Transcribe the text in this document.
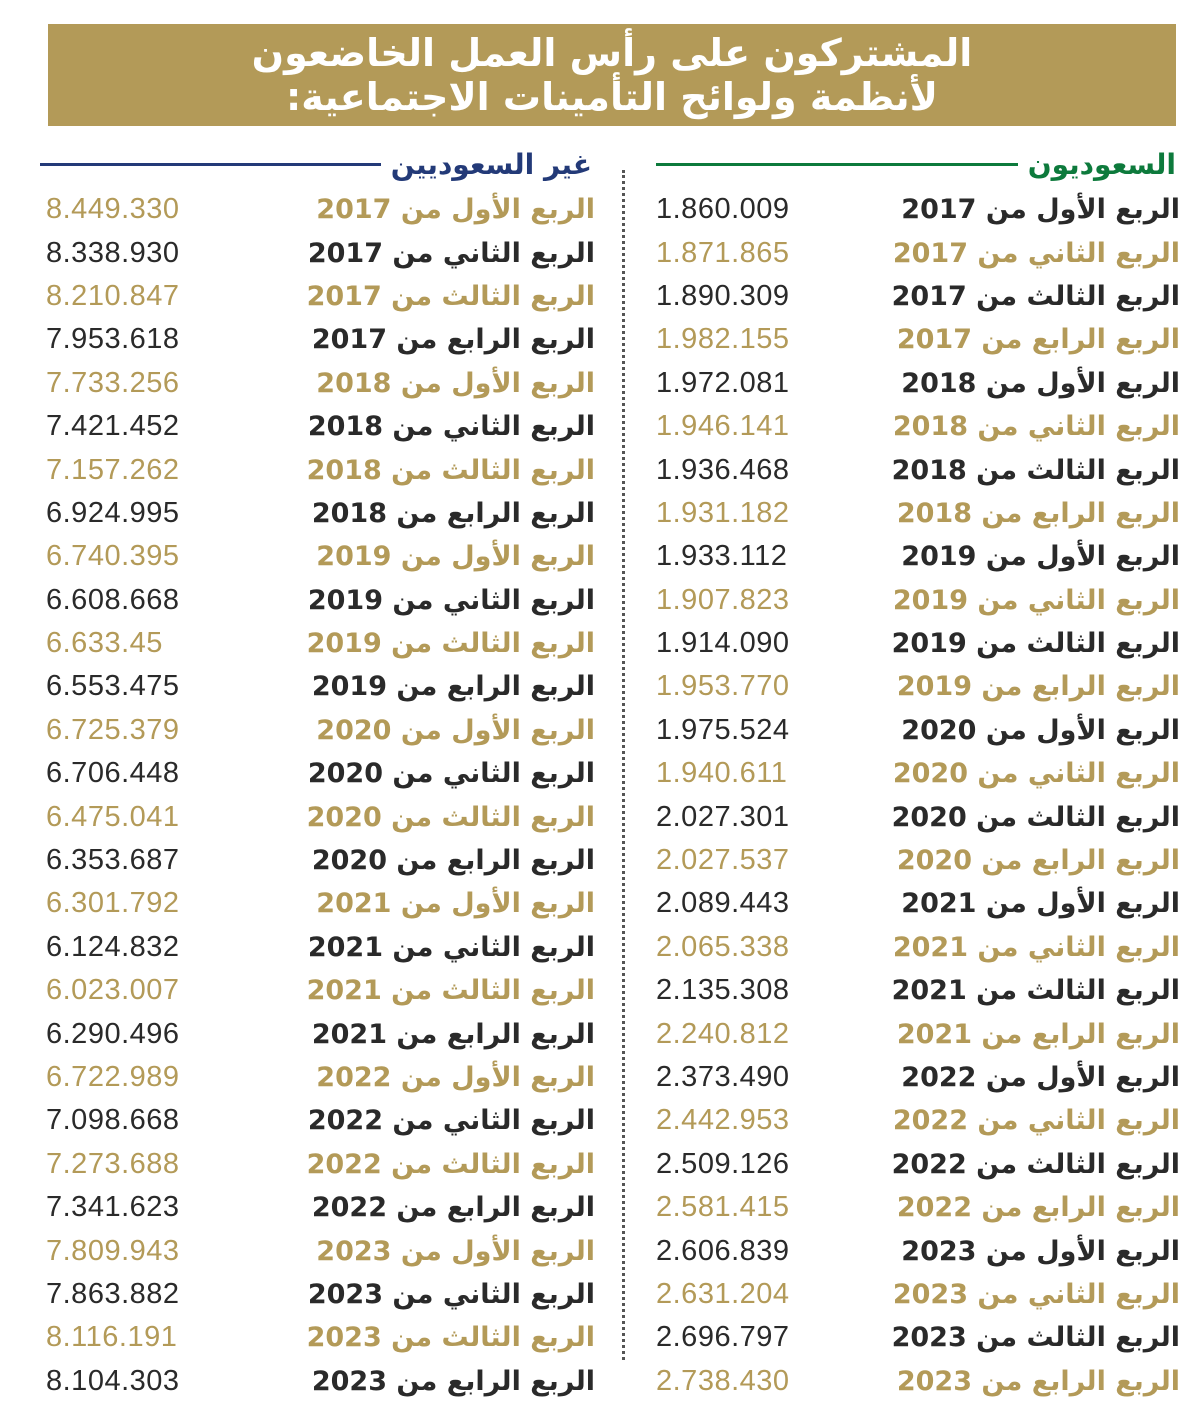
المشتركون على رأس العمل الخاضعون
لأنظمة ولوائح التأمينات الاجتماعية:
السعوديون
غير السعوديين
الربع الأول من 2017
1.860.009
الربع الثاني من 2017
1.871.865
الربع الثالث من 2017
1.890.309
الربع الرابع من 2017
1.982.155
الربع الأول من 2018
1.972.081
الربع الثاني من 2018
1.946.141
الربع الثالث من 2018
1.936.468
الربع الرابع من 2018
1.931.182
الربع الأول من 2019
1.933.112
الربع الثاني من 2019
1.907.823
الربع الثالث من 2019
1.914.090
الربع الرابع من 2019
1.953.770
الربع الأول من 2020
1.975.524
الربع الثاني من 2020
1.940.611
الربع الثالث من 2020
2.027.301
الربع الرابع من 2020
2.027.537
الربع الأول من 2021
2.089.443
الربع الثاني من 2021
2.065.338
الربع الثالث من 2021
2.135.308
الربع الرابع من 2021
2.240.812
الربع الأول من 2022
2.373.490
الربع الثاني من 2022
2.442.953
الربع الثالث من 2022
2.509.126
الربع الرابع من 2022
2.581.415
الربع الأول من 2023
2.606.839
الربع الثاني من 2023
2.631.204
الربع الثالث من 2023
2.696.797
الربع الرابع من 2023
2.738.430
الربع الأول من 2017
8.449.330
الربع الثاني من 2017
8.338.930
الربع الثالث من 2017
8.210.847
الربع الرابع من 2017
7.953.618
الربع الأول من 2018
7.733.256
الربع الثاني من 2018
7.421.452
الربع الثالث من 2018
7.157.262
الربع الرابع من 2018
6.924.995
الربع الأول من 2019
6.740.395
الربع الثاني من 2019
6.608.668
الربع الثالث من 2019
6.633.45
الربع الرابع من 2019
6.553.475
الربع الأول من 2020
6.725.379
الربع الثاني من 2020
6.706.448
الربع الثالث من 2020
6.475.041
الربع الرابع من 2020
6.353.687
الربع الأول من 2021
6.301.792
الربع الثاني من 2021
6.124.832
الربع الثالث من 2021
6.023.007
الربع الرابع من 2021
6.290.496
الربع الأول من 2022
6.722.989
الربع الثاني من 2022
7.098.668
الربع الثالث من 2022
7.273.688
الربع الرابع من 2022
7.341.623
الربع الأول من 2023
7.809.943
الربع الثاني من 2023
7.863.882
الربع الثالث من 2023
8.116.191
الربع الرابع من 2023
8.104.303
